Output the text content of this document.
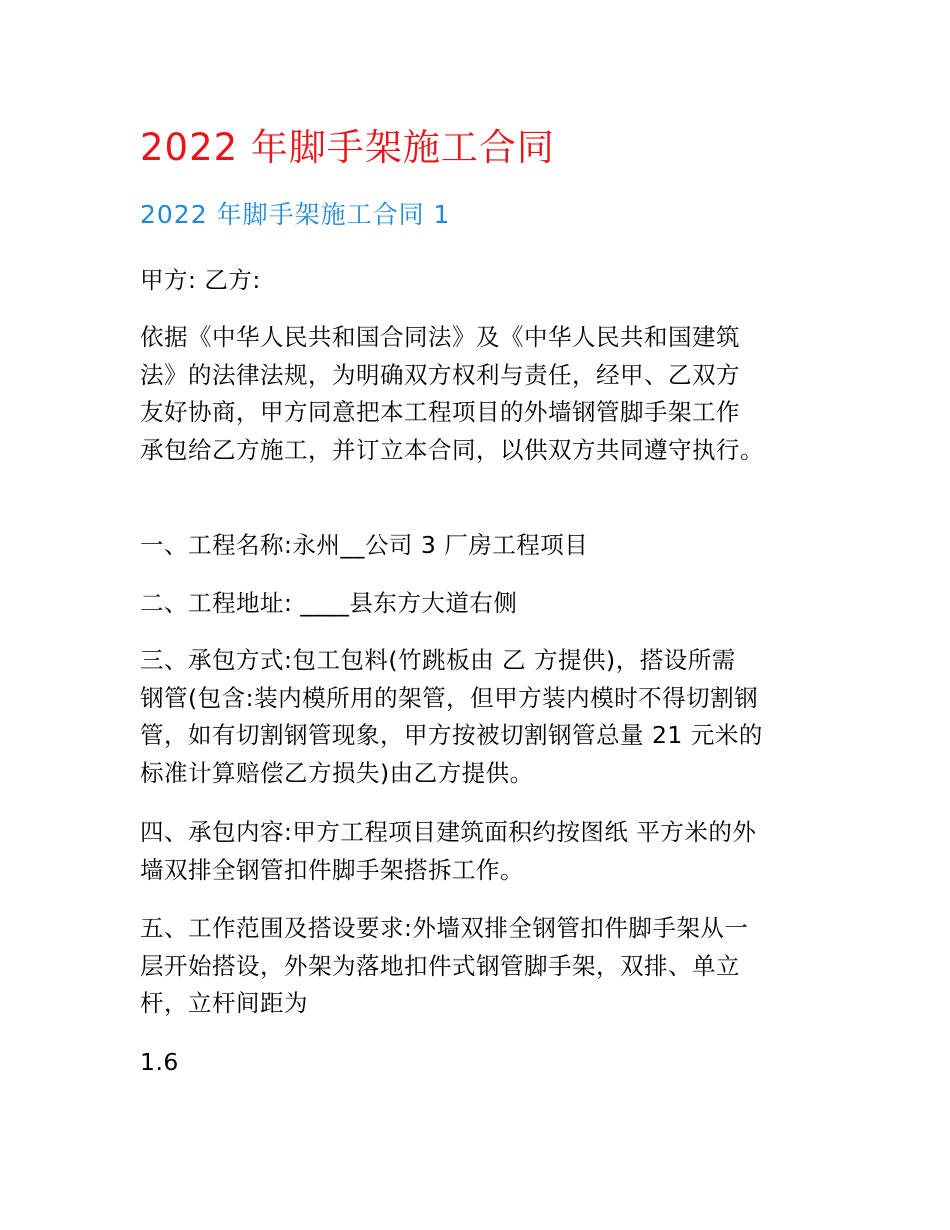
2022 年脚手架施工合同
2022 年脚手架施工合同 1

甲方: 乙方:

依据《中华人民共和国合同法》及《中华人民共和国建筑
法》的法律法规，为明确双方权利与责任，经甲、乙双方
友好协商，甲方同意把本工程项目的外墙钢管脚手架工作
承包给乙方施工，并订立本合同，以供双方共同遵守执行。

一、工程名称:永州__公司 3 厂房工程项目

二、工程地址: ____县东方大道右侧

三、承包方式:包工包料(竹跳板由 乙 方提供)，搭设所需
钢管(包含:装内模所用的架管，但甲方装内模时不得切割钢
管，如有切割钢管现象，甲方按被切割钢管总量 21 元米的
标准计算赔偿乙方损失)由乙方提供。

四、承包内容:甲方工程项目建筑面积约按图纸 平方米的外
墙双排全钢管扣件脚手架搭拆工作。

五、工作范围及搭设要求:外墙双排全钢管扣件脚手架从一
层开始搭设，外架为落地扣件式钢管脚手架，双排、单立
杆，立杆间距为

1.6
